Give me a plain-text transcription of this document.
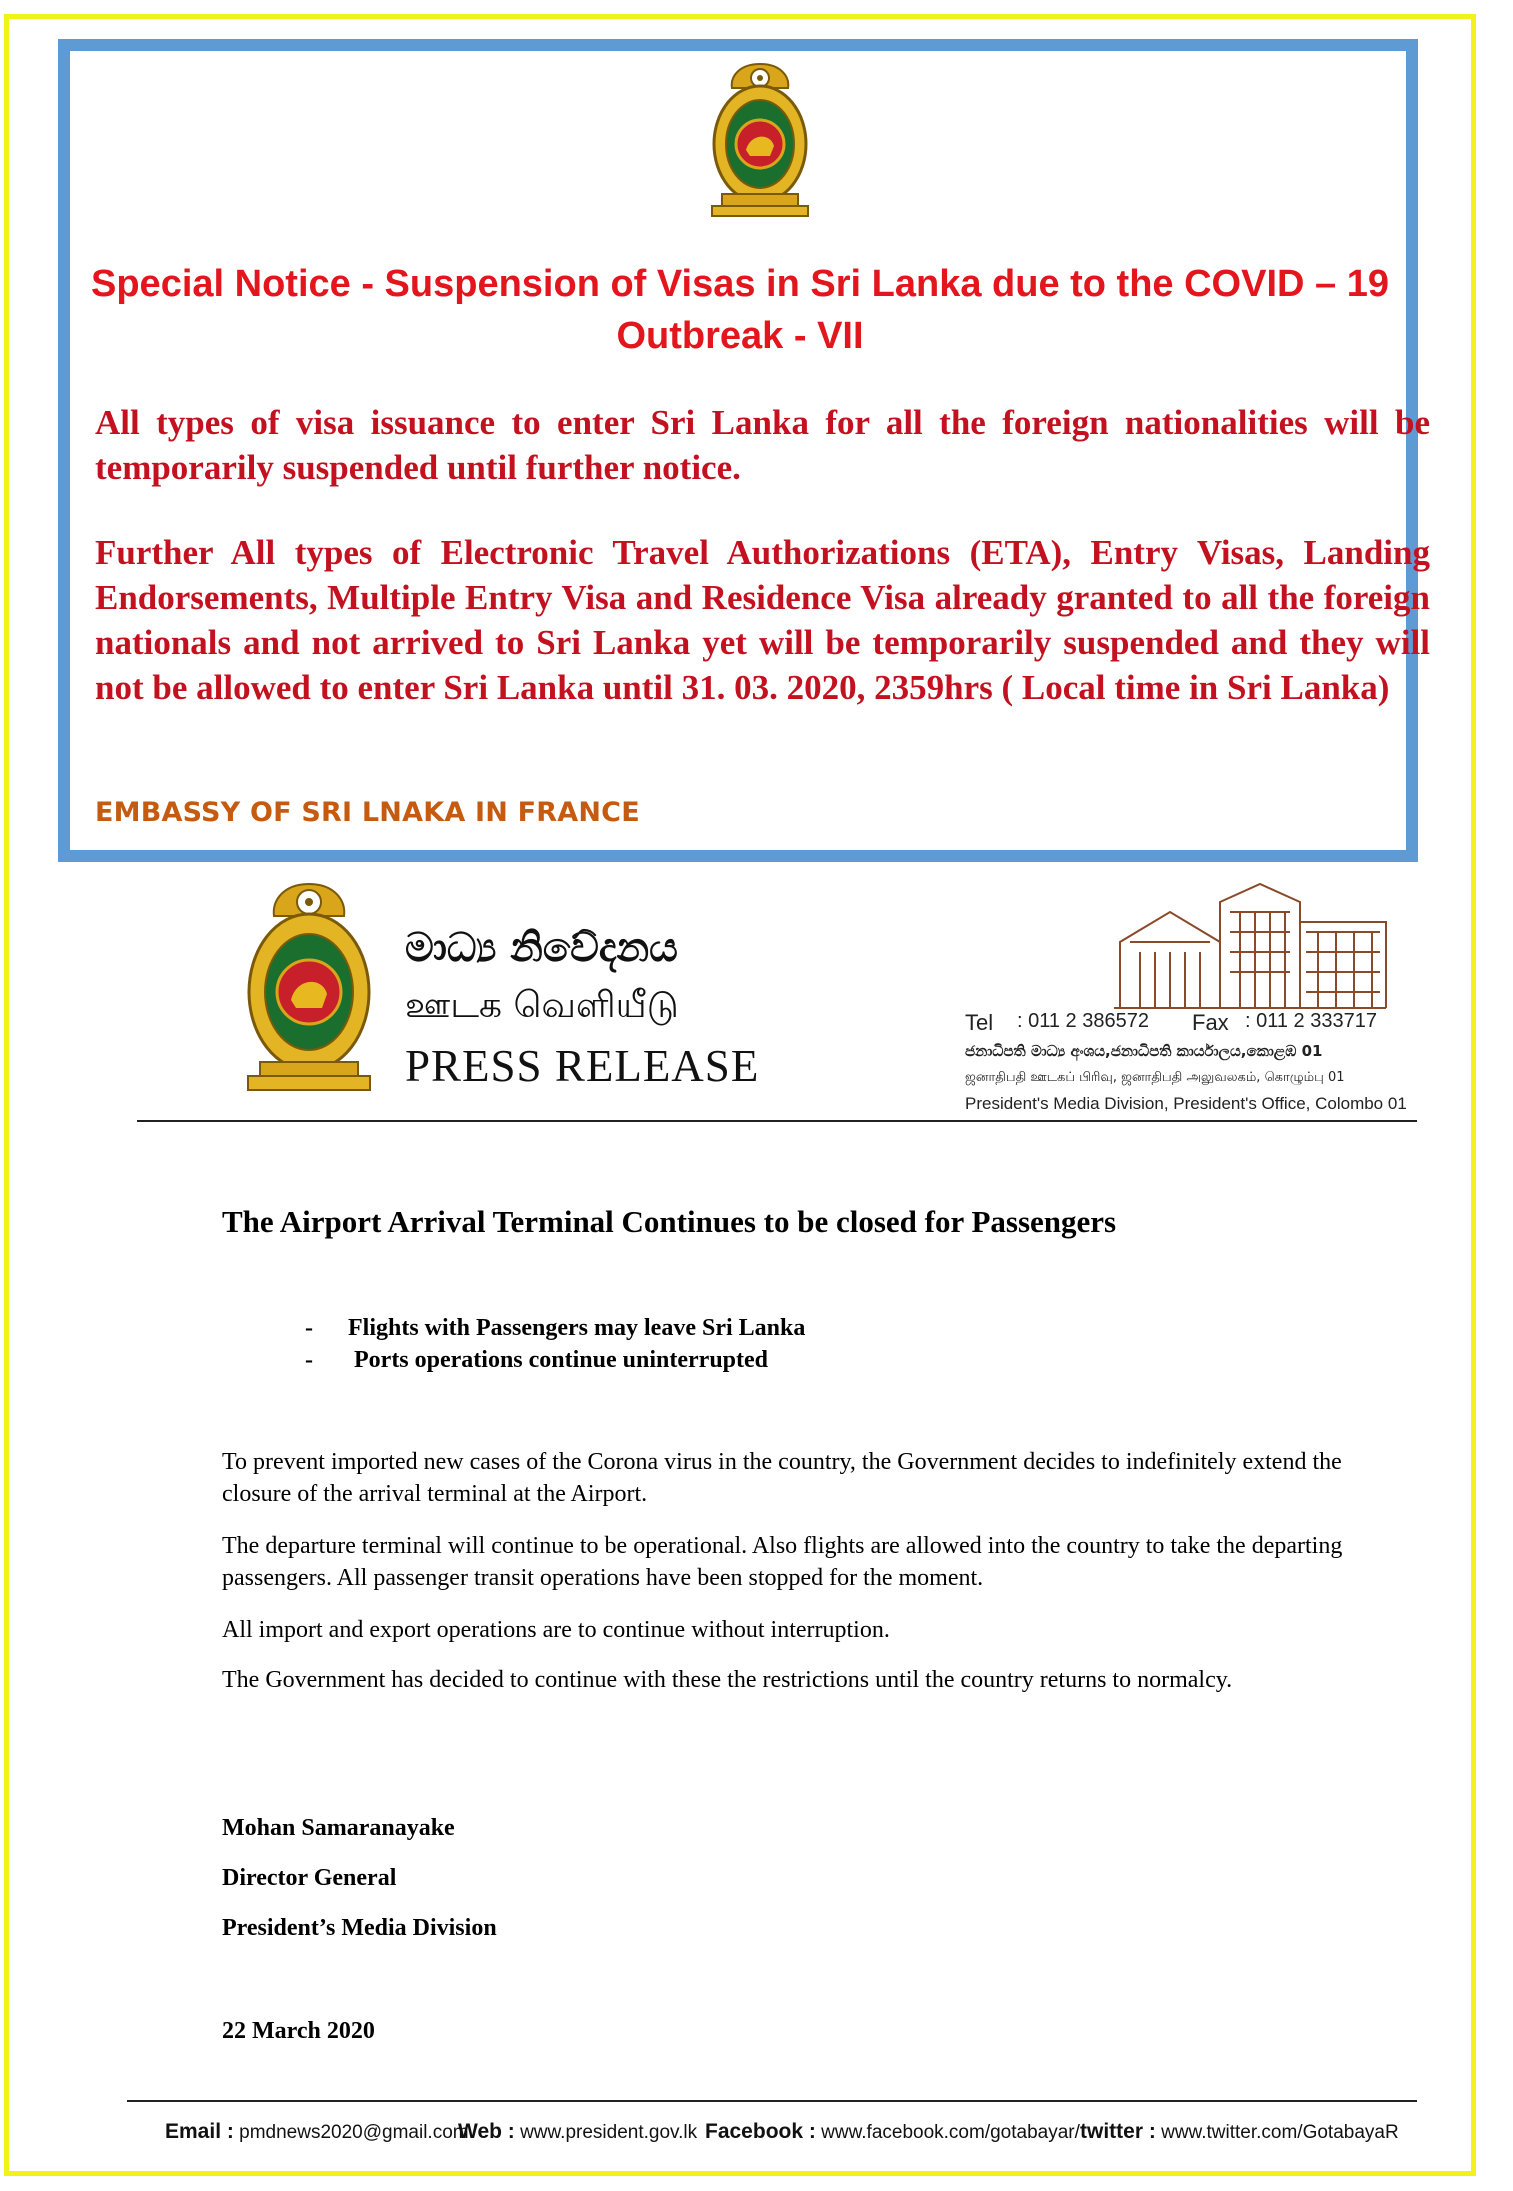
Special Notice - Suspension of Visas in Sri Lanka due to the COVID – 19 Outbreak - VII
All types of visa issuance to enter Sri Lanka for all the foreign nationalities will be temporarily suspended until further notice.
Further All types of Electronic Travel Authorizations (ETA), Entry Visas, Landing Endorsements, Multiple Entry Visa and Residence Visa already granted to all the foreign nationals and not arrived to Sri Lanka yet will be temporarily suspended and they will not be allowed to enter Sri Lanka until 31. 03. 2020, 2359hrs ( Local time in Sri Lanka)
EMBASSY OF SRI LNAKA IN FRANCE
මාධ්‍ය නිවේදනය
ஊடக வெளியீடு
PRESS RELEASE
Tel : 011 2 386572 Fax : 011 2 333717
ජනාධිපති මාධ්‍ය අංශය,ජනාධිපති කාර්යාලය,කොළඹ 01
ஜனாதிபதி ஊடகப் பிரிவு, ஜனாதிபதி அலுவலகம், கொழும்பு 01
President's Media Division, President's Office, Colombo 01
The Airport Arrival Terminal Continues to be closed for Passengers
- Flights with Passengers may leave Sri Lanka
- Ports operations continue uninterrupted
To prevent imported new cases of the Corona virus in the country, the Government decides to indefinitely extend the closure of the arrival terminal at the Airport.
The departure terminal will continue to be operational. Also flights are allowed into the country to take the departing passengers. All passenger transit operations have been stopped for the moment.
All import and export operations are to continue without interruption.
The Government has decided to continue with these the restrictions until the country returns to normalcy.
Mohan Samaranayake
Director General
President’s Media Division
22 March 2020
Email : pmdnews2020@gmail.com
Web : www.president.gov.lk Facebook : www.facebook.com/gotabayar/ twitter : www.twitter.com/GotabayaR
